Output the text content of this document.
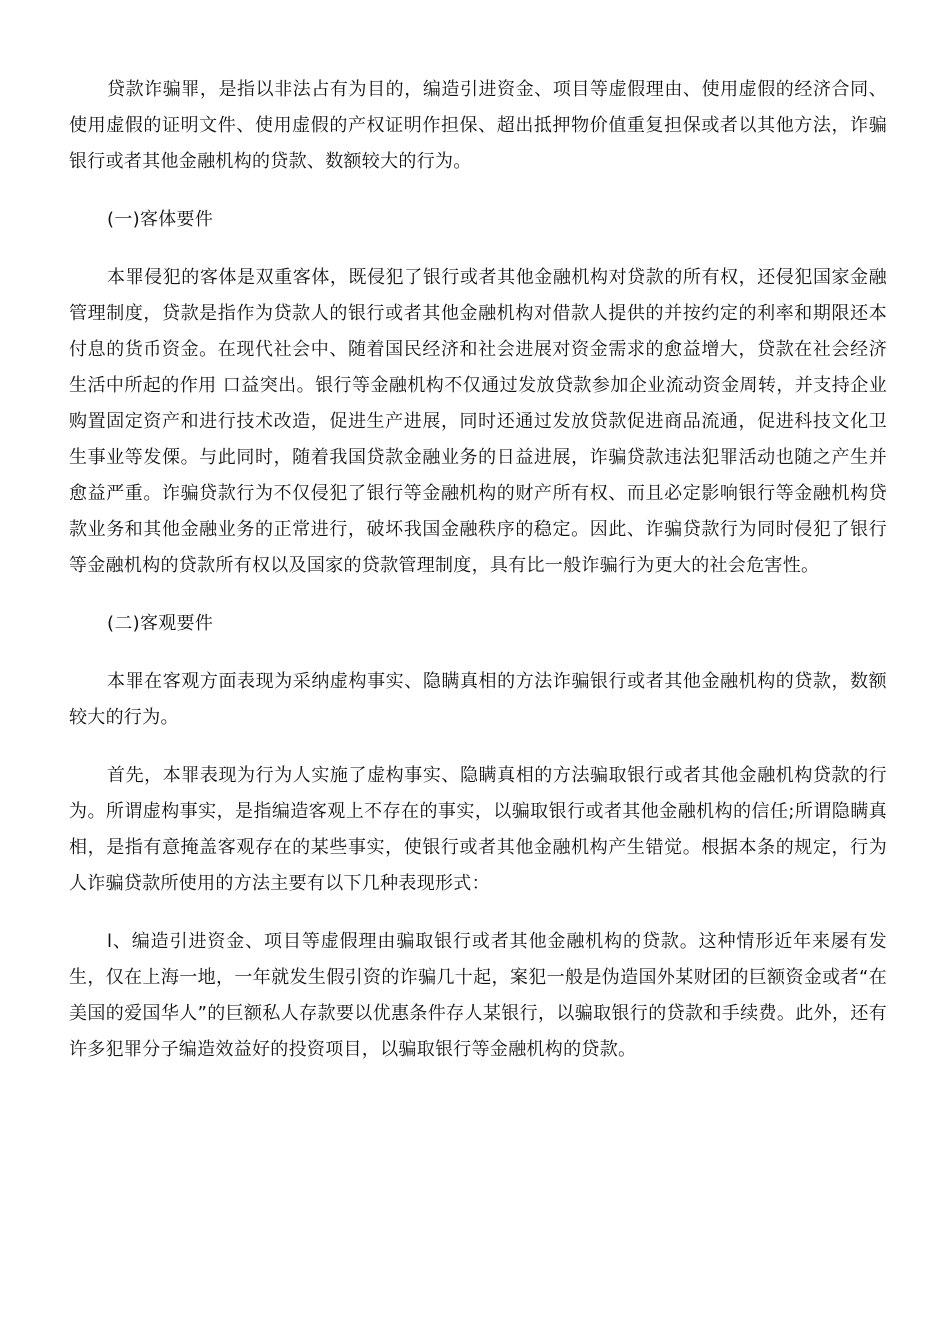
贷款诈骗罪，是指以非法占有为目的，编造引进资金、项目等虚假理由、使用虚假的经济合同、使用虚假的证明文件、使用虚假的产权证明作担保、超出抵押物价值重复担保或者以其他方法，诈骗银行或者其他金融机构的贷款、数额较大的行为。

(一)客体要件

本罪侵犯的客体是双重客体，既侵犯了银行或者其他金融机构对贷款的所有权，还侵犯国家金融管理制度，贷款是指作为贷款人的银行或者其他金融机构对借款人提供的并按约定的利率和期限还本付息的货币资金。在现代社会中、随着国民经济和社会进展对资金需求的愈益增大，贷款在社会经济生活中所起的作用 口益突出。银行等金融机构不仅通过发放贷款参加企业流动资金周转，并支持企业购置固定资产和进行技术改造，促进生产进展，同时还通过发放贷款促进商品流通，促进科技文化卫生事业等发傈。与此同时，随着我国贷款金融业务的日益进展，诈骗贷款违法犯罪活动也随之产生并愈益严重。诈骗贷款行为不仅侵犯了银行等金融机构的财产所有权、而且必定影响银行等金融机构贷款业务和其他金融业务的正常进行，破坏我国金融秩序的稳定。因此、诈骗贷款行为同时侵犯了银行等金融机构的贷款所有权以及国家的贷款管理制度，具有比一般诈骗行为更大的社会危害性。

(二)客观要件

本罪在客观方面表现为采纳虚构事实、隐瞒真相的方法诈骗银行或者其他金融机构的贷款，数额较大的行为。

首先，本罪表现为行为人实施了虚构事实、隐瞒真相的方法骗取银行或者其他金融机构贷款的行为。所谓虚构事实，是指编造客观上不存在的事实，以骗取银行或者其他金融机构的信任;所谓隐瞒真相，是指有意掩盖客观存在的某些事实，使银行或者其他金融机构产生错觉。根据本条的规定，行为人诈骗贷款所使用的方法主要有以下几种表现形式：

l、编造引进资金、项目等虚假理由骗取银行或者其他金融机构的贷款。这种情形近年来屡有发生，仅在上海一地，一年就发生假引资的诈骗几十起，案犯一般是伪造国外某财团的巨额资金或者“在美国的爱国华人”的巨额私人存款要以优惠条件存人某银行，以骗取银行的贷款和手续费。此外，还有许多犯罪分子编造效益好的投资项目，以骗取银行等金融机构的贷款。
